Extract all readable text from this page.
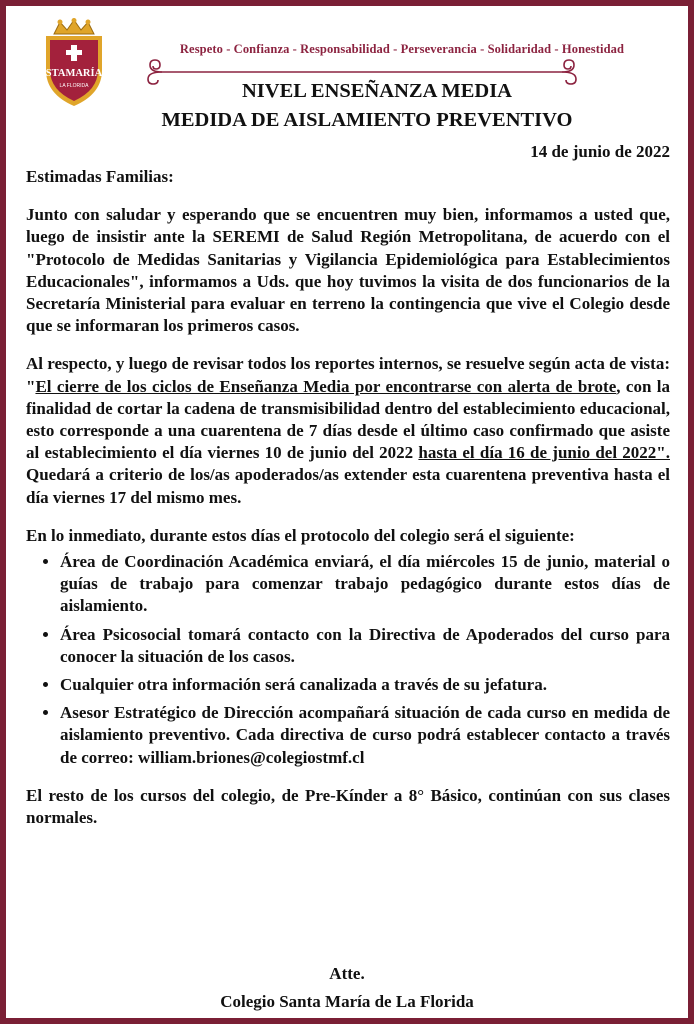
STAMARÍA
LA FLORIDA
Respeto - Confianza - Responsabilidad - Perseverancia - Solidaridad - Honestidad
NIVEL ENSEÑANZA MEDIA
MEDIDA DE AISLAMIENTO PREVENTIVO
14 de junio de 2022

Estimadas Familias:

Junto con saludar y esperando que se encuentren muy bien, informamos a usted que, luego de insistir ante la SEREMI de Salud Región Metropolitana, de acuerdo con el "Protocolo de Medidas Sanitarias y Vigilancia Epidemiológica para Establecimientos Educacionales", informamos a Uds. que hoy tuvimos la visita de dos funcionarios de la Secretaría Ministerial para evaluar en terreno la contingencia que vive el Colegio desde que se informaran los primeros casos.

Al respecto, y luego de revisar todos los reportes internos, se resuelve según acta de vista: "El cierre de los ciclos de Enseñanza Media por encontrarse con alerta de brote, con la finalidad de cortar la cadena de transmisibilidad dentro del establecimiento educacional, esto corresponde a una cuarentena de 7 días desde el último caso confirmado que asiste al establecimiento el día viernes 10 de junio del 2022 hasta el día 16 de junio del 2022". Quedará a criterio de los/as apoderados/as extender esta cuarentena preventiva hasta el día viernes 17 del mismo mes.

En lo inmediato, durante estos días el protocolo del colegio será el siguiente:

• Área de Coordinación Académica enviará, el día miércoles 15 de junio, material o guías de trabajo para comenzar trabajo pedagógico durante estos días de aislamiento.
• Área Psicosocial tomará contacto con la Directiva de Apoderados del curso para conocer la situación de los casos.
• Cualquier otra información será canalizada a través de su jefatura.
• Asesor Estratégico de Dirección acompañará situación de cada curso en medida de aislamiento preventivo. Cada directiva de curso podrá establecer contacto a través de correo: william.briones@colegiostmf.cl

El resto de los cursos del colegio, de Pre-Kínder a 8° Básico, continúan con sus clases normales.

Atte.
Colegio Santa María de La Florida
